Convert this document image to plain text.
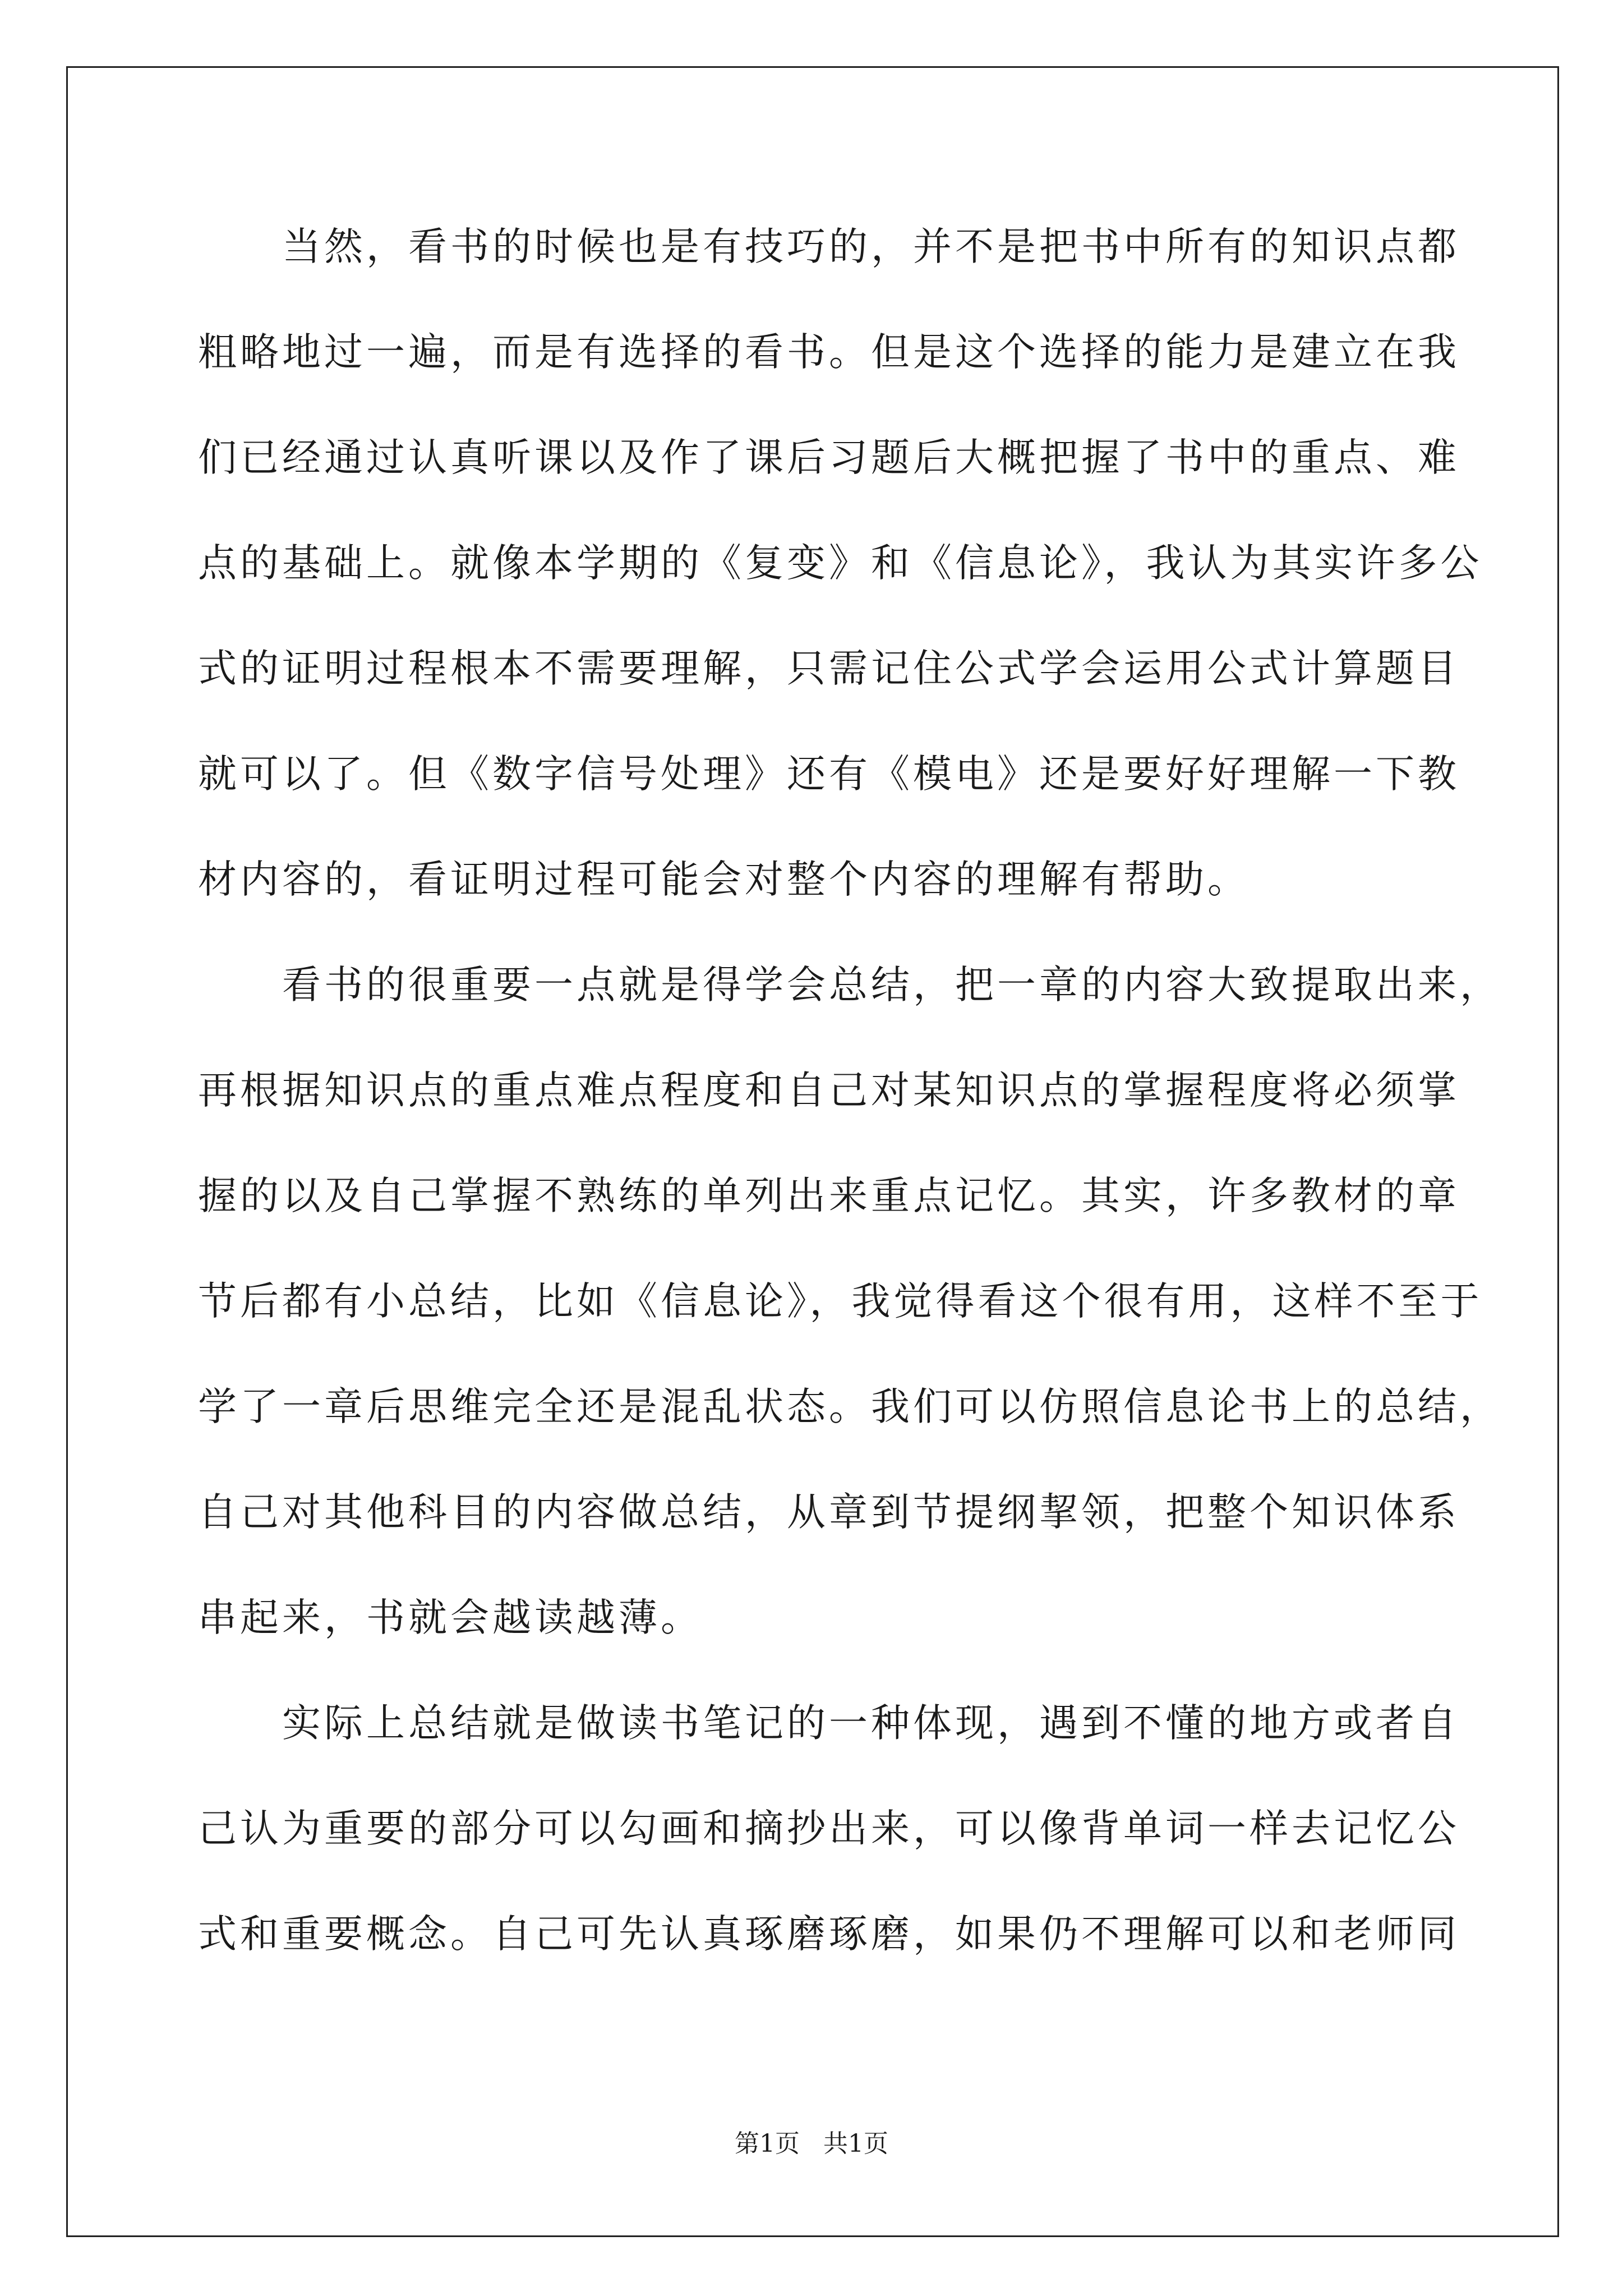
　　当然，看书的时候也是有技巧的，并不是把书中所有的知识点都
粗略地过一遍，而是有选择的看书。但是这个选择的能力是建立在我
们已经通过认真听课以及作了课后习题后大概把握了书中的重点、难
点的基础上。就像本学期的《复变》和《信息论》，我认为其实许多公
式的证明过程根本不需要理解，只需记住公式学会运用公式计算题目
就可以了。但《数字信号处理》还有《模电》还是要好好理解一下教
材内容的，看证明过程可能会对整个内容的理解有帮助。
　　看书的很重要一点就是得学会总结，把一章的内容大致提取出来，
再根据知识点的重点难点程度和自己对某知识点的掌握程度将必须掌
握的以及自己掌握不熟练的单列出来重点记忆。其实，许多教材的章
节后都有小总结，比如《信息论》，我觉得看这个很有用，这样不至于
学了一章后思维完全还是混乱状态。我们可以仿照信息论书上的总结，
自己对其他科目的内容做总结，从章到节提纲挈领，把整个知识体系
串起来，书就会越读越薄。
　　实际上总结就是做读书笔记的一种体现，遇到不懂的地方或者自
己认为重要的部分可以勾画和摘抄出来，可以像背单词一样去记忆公
式和重要概念。自己可先认真琢磨琢磨，如果仍不理解可以和老师同
第1页   共1页
